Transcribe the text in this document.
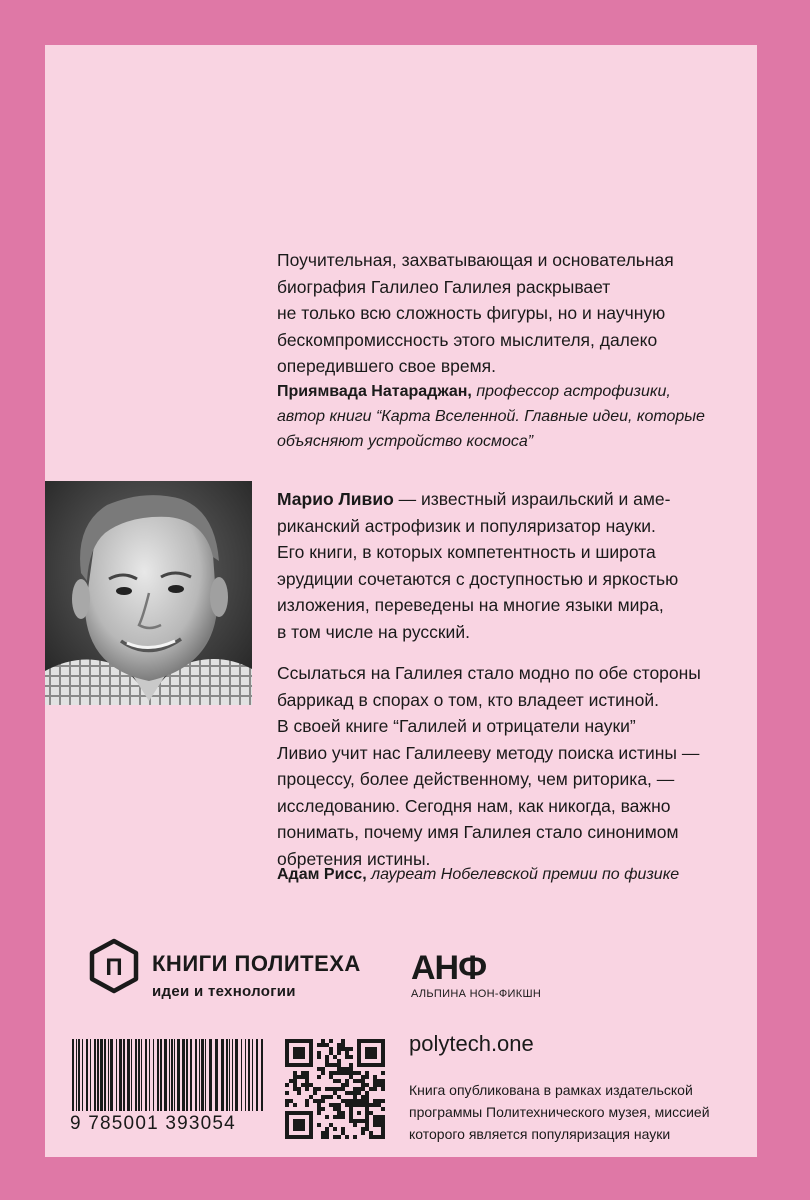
Поучительная, захватывающая и основательная
биография Галилео Галилея раскрывает
не только всю сложность фигуры, но и научную
бескомпромиссность этого мыслителя, далеко
опередившего свое время.
Приямвада Натараджан, профессор астрофизики,
автор книги “Карта Вселенной. Главные идеи, которые
объясняют устройство космоса”
Марио Ливио — известный израильский и аме-
риканский астрофизик и популяризатор науки.
Его книги, в которых компетентность и широта
эрудиции сочетаются с доступностью и яркостью
изложения, переведены на многие языки мира,
в том числе на русский.
Ссылаться на Галилея стало модно по обе стороны
баррикад в спорах о том, кто владеет истиной.
В своей книге “Галилей и отрицатели науки”
Ливио учит нас Галилееву методу поиска истины —
процессу, более действенному, чем риторика, —
исследованию. Сегодня нам, как никогда, важно
понимать, почему имя Галилея стало синонимом
обретения истины.
Адам Рисс, лауреат Нобелевской премии по физике
П КНИГИ ПОЛИТЕХА
идеи и технологии
АНФ
АЛЬПИНА НОН-ФИКШН
9 785001 393054
polytech.one
Книга опубликована в рамках издательской
программы Политехнического музея, миссией
которого является популяризация науки
